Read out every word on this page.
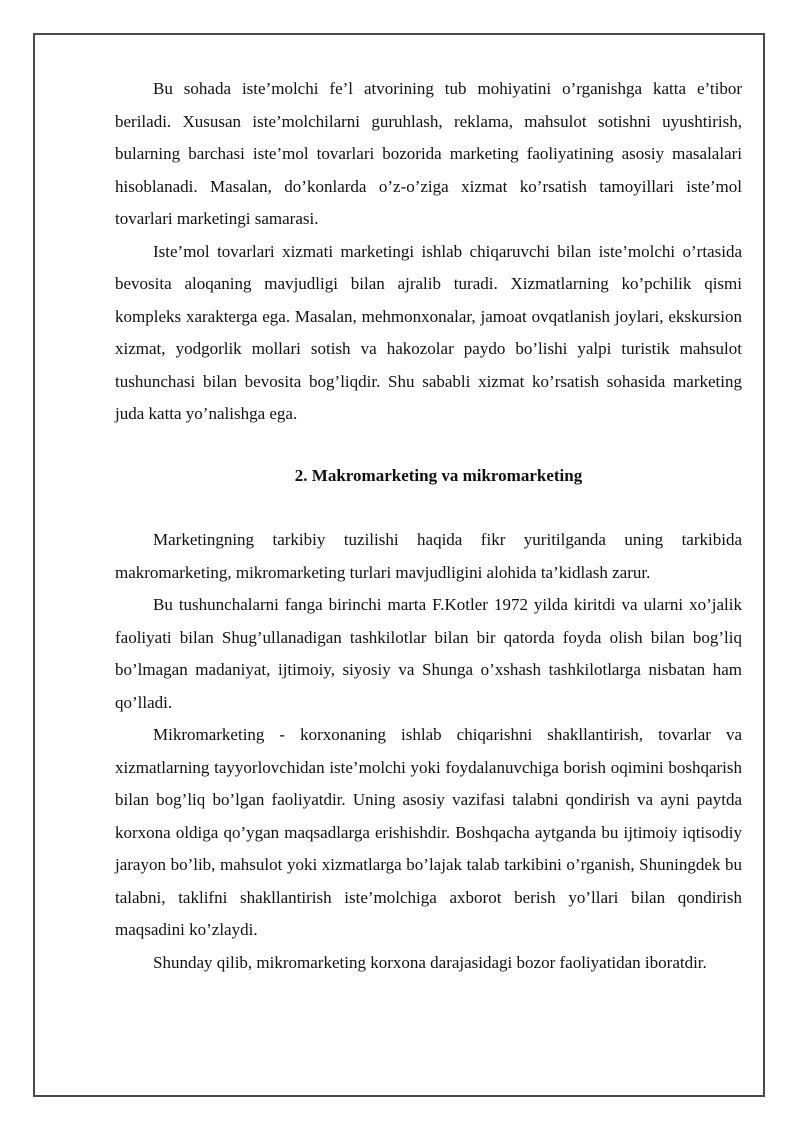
Bu sohada iste’molchi fe’l atvorining tub mohiyatini o’rganishga katta e’tibor beriladi. Xususan iste’molchilarni guruhlash, reklama, mahsulot sotishni uyushtirish, bularning barchasi iste’mol tovarlari bozorida marketing faoliyatining asosiy masalalari hisoblanadi. Masalan, do’konlarda o’z-o’ziga xizmat ko’rsatish tamoyillari iste’mol tovarlari marketingi samarasi.

Iste’mol tovarlari xizmati marketingi ishlab chiqaruvchi bilan iste’molchi o’rtasida bevosita aloqaning mavjudligi bilan ajralib turadi. Xizmatlarning ko’pchilik qismi kompleks xarakterga ega. Masalan, mehmonxonalar, jamoat ovqatlanish joylari, ekskursion xizmat, yodgorlik mollari sotish va hakozolar paydo bo’lishi yalpi turistik mahsulot tushunchasi bilan bevosita bog’liqdir. Shu sababli xizmat ko’rsatish sohasida marketing juda katta yo’nalishga ega.

2. Makromarketing va mikromarketing

Marketingning tarkibiy tuzilishi haqida fikr yuritilganda uning tarkibida makromarketing, mikromarketing turlari mavjudligini alohida ta’kidlash zarur.

Bu tushunchalarni fanga birinchi marta F.Kotler 1972 yilda kiritdi va ularni xo’jalik faoliyati bilan Shug’ullanadigan tashkilotlar bilan bir qatorda foyda olish bilan bog’liq bo’lmagan madaniyat, ijtimoiy, siyosiy va Shunga o’xshash tashkilotlarga nisbatan ham qo’lladi.

Mikromarketing - korxonaning ishlab chiqarishni shakllantirish, tovarlar va xizmatlarning tayyorlovchidan iste’molchi yoki foydalanuvchiga borish oqimini boshqarish bilan bog’liq bo’lgan faoliyatdir. Uning asosiy vazifasi talabni qondirish va ayni paytda korxona oldiga qo’ygan maqsadlarga erishishdir. Boshqacha aytganda bu ijtimoiy iqtisodiy jarayon bo’lib, mahsulot yoki xizmatlarga bo’lajak talab tarkibini o’rganish, Shuningdek bu talabni, taklifni shakllantirish iste’molchiga axborot berish yo’llari bilan qondirish maqsadini ko’zlaydi.

Shunday qilib, mikromarketing korxona darajasidagi bozor faoliyatidan iboratdir.
